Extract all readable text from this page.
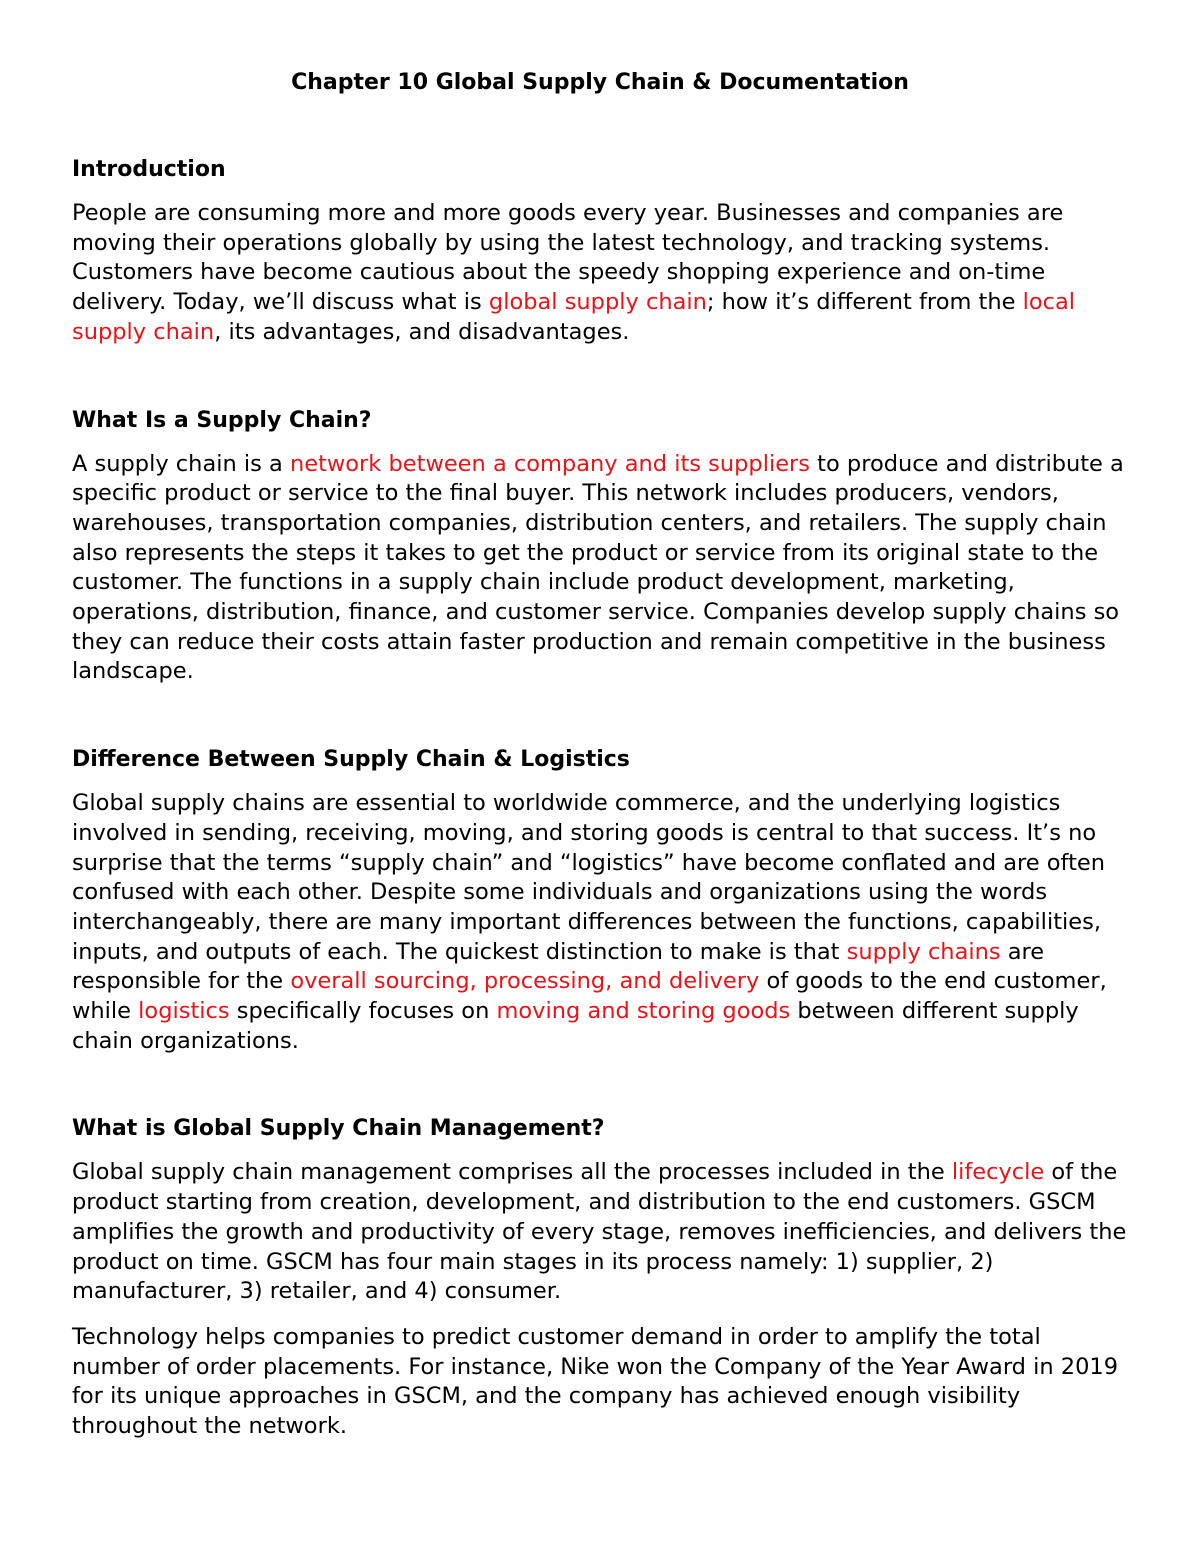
Chapter 10 Global Supply Chain & Documentation
Introduction

People are consuming more and more goods every year. Businesses and companies are moving their operations globally by using the latest technology, and tracking systems. Customers have become cautious about the speedy shopping experience and on-time delivery. Today, we’ll discuss what is global supply chain; how it’s different from the local supply chain, its advantages, and disadvantages.

What Is a Supply Chain?

A supply chain is a network between a company and its suppliers to produce and distribute a specific product or service to the final buyer. This network includes producers, vendors, warehouses, transportation companies, distribution centers, and retailers. The supply chain also represents the steps it takes to get the product or service from its original state to the customer. The functions in a supply chain include product development, marketing, operations, distribution, finance, and customer service. Companies develop supply chains so they can reduce their costs attain faster production and remain competitive in the business landscape.

Difference Between Supply Chain & Logistics

Global supply chains are essential to worldwide commerce, and the underlying logistics involved in sending, receiving, moving, and storing goods is central to that success. It’s no surprise that the terms “supply chain” and “logistics” have become conflated and are often confused with each other. Despite some individuals and organizations using the words interchangeably, there are many important differences between the functions, capabilities, inputs, and outputs of each. The quickest distinction to make is that supply chains are responsible for the overall sourcing, processing, and delivery of goods to the end customer, while logistics specifically focuses on moving and storing goods between different supply chain organizations.

What is Global Supply Chain Management?

Global supply chain management comprises all the processes included in the lifecycle of the product starting from creation, development, and distribution to the end customers. GSCM amplifies the growth and productivity of every stage, removes inefficiencies, and delivers the product on time. GSCM has four main stages in its process namely: 1) supplier, 2) manufacturer, 3) retailer, and 4) consumer.

Technology helps companies to predict customer demand in order to amplify the total number of order placements. For instance, Nike won the Company of the Year Award in 2019 for its unique approaches in GSCM, and the company has achieved enough visibility throughout the network.
